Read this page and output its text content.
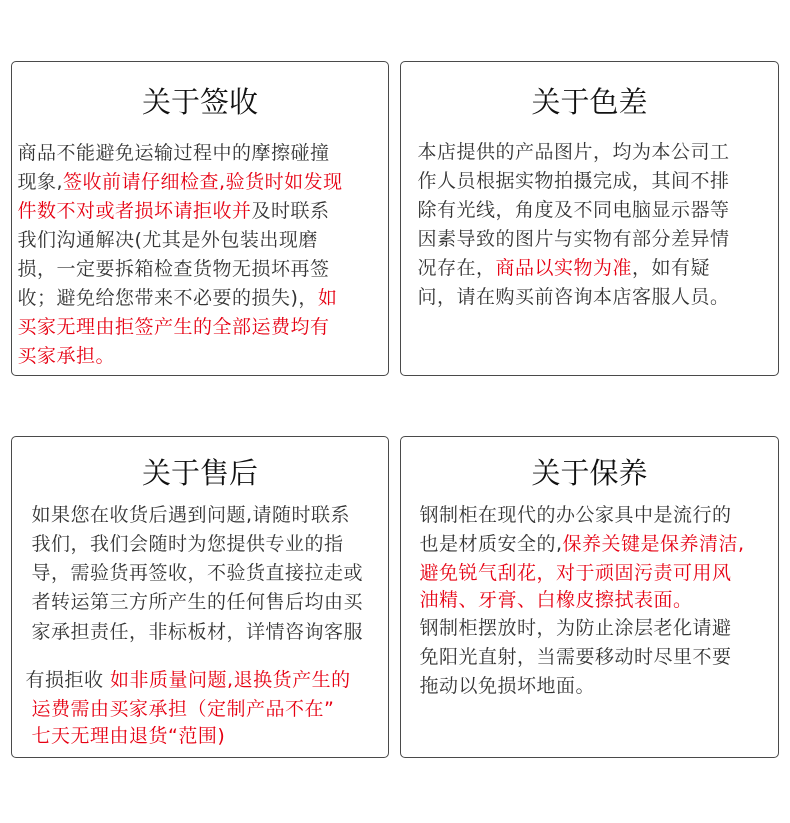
关于签收
商品不能避免运输过程中的摩擦碰撞
现象,签收前请仔细检查,验货时如发现
件数不对或者损坏请拒收并及时联系
我们沟通解决(尤其是外包装出现磨
损，一定要拆箱检查货物无损坏再签
收；避免给您带来不必要的损失)，如
买家无理由拒签产生的全部运费均有
买家承担。
关于色差
本店提供的产品图片，均为本公司工
作人员根据实物拍摄完成，其间不排
除有光线，角度及不同电脑显示器等
因素导致的图片与实物有部分差异情
况存在，商品以实物为准，如有疑
问，请在购买前咨询本店客服人员。
关于售后
如果您在收货后遇到问题,请随时联系
我们，我们会随时为您提供专业的指
导，需验货再签收，不验货直接拉走或
者转运第三方所产生的任何售后均由买
家承担责任，非标板材，详情咨询客服
有损拒收 如非质量问题,退换货产生的
运费需由买家承担（定制产品不在”
七天无理由退货“范围)
关于保养
钢制柜在现代的办公家具中是流行的
也是材质安全的,保养关键是保养清洁,
避免锐气刮花，对于顽固污责可用风
油精、牙膏、白橡皮擦拭表面。
钢制柜摆放时，为防止涂层老化请避
免阳光直射，当需要移动时尽里不要
拖动以免损坏地面。
